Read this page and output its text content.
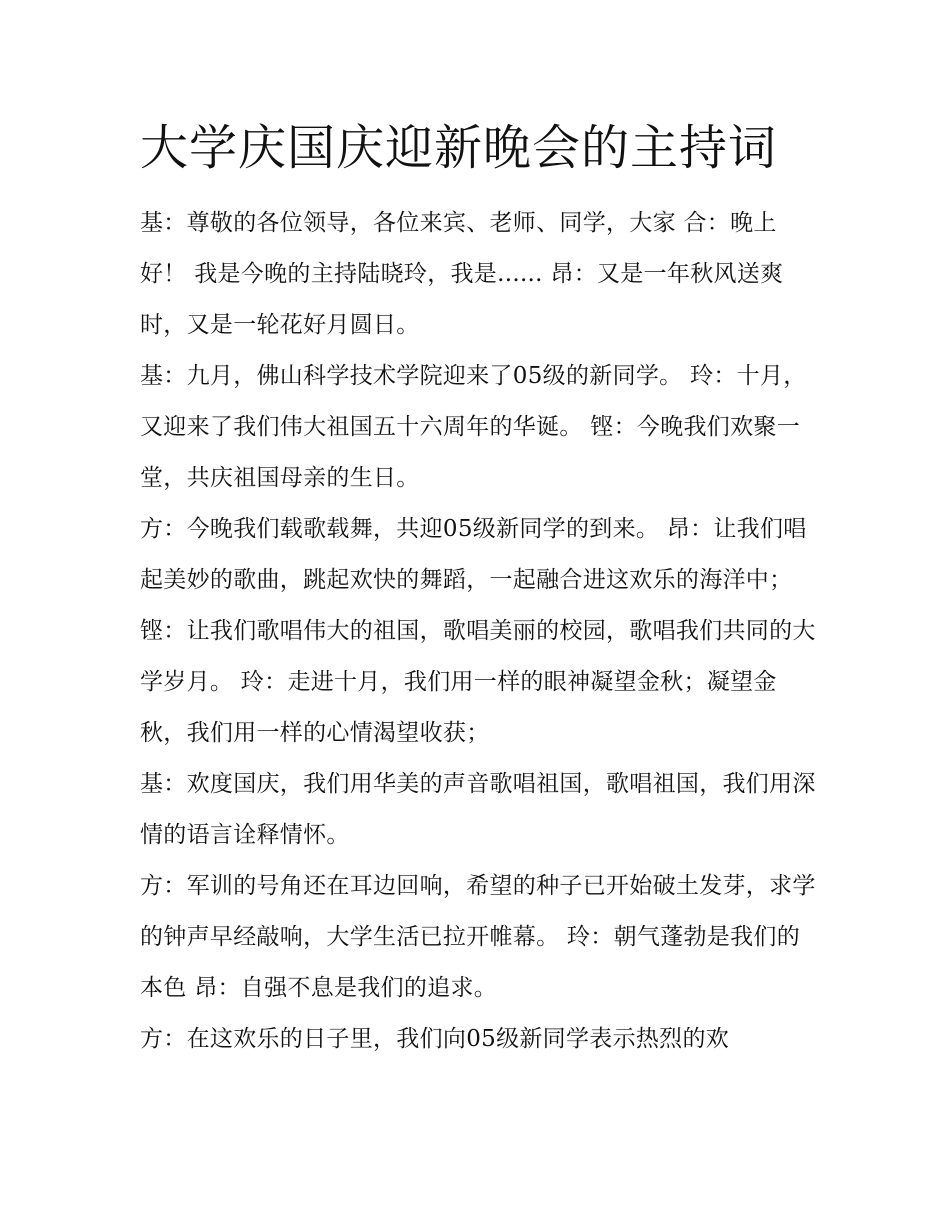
大学庆国庆迎新晚会的主持词

基：尊敬的各位领导，各位来宾、老师、同学，大家 合：晚上好！ 我是今晚的主持陆晓玲，我是...... 昂：又是一年秋风送爽时，又是一轮花好月圆日。

基：九月，佛山科学技术学院迎来了05级的新同学。 玲：十月，又迎来了我们伟大祖国五十六周年的华诞。 铿：今晚我们欢聚一堂，共庆祖国母亲的生日。

方：今晚我们载歌载舞，共迎05级新同学的到来。 昂：让我们唱起美妙的歌曲，跳起欢快的舞蹈，一起融合进这欢乐的海洋中；

铿：让我们歌唱伟大的祖国，歌唱美丽的校园，歌唱我们共同的大学岁月。 玲：走进十月，我们用一样的眼神凝望金秋；凝望金秋，我们用一样的心情渴望收获；

基：欢度国庆，我们用华美的声音歌唱祖国，歌唱祖国，我们用深情的语言诠释情怀。

方：军训的号角还在耳边回响，希望的种子已开始破土发芽，求学的钟声早经敲响，大学生活已拉开帷幕。 玲：朝气蓬勃是我们的本色 昂：自强不息是我们的追求。

方：在这欢乐的日子里，我们向05级新同学表示热烈的欢
